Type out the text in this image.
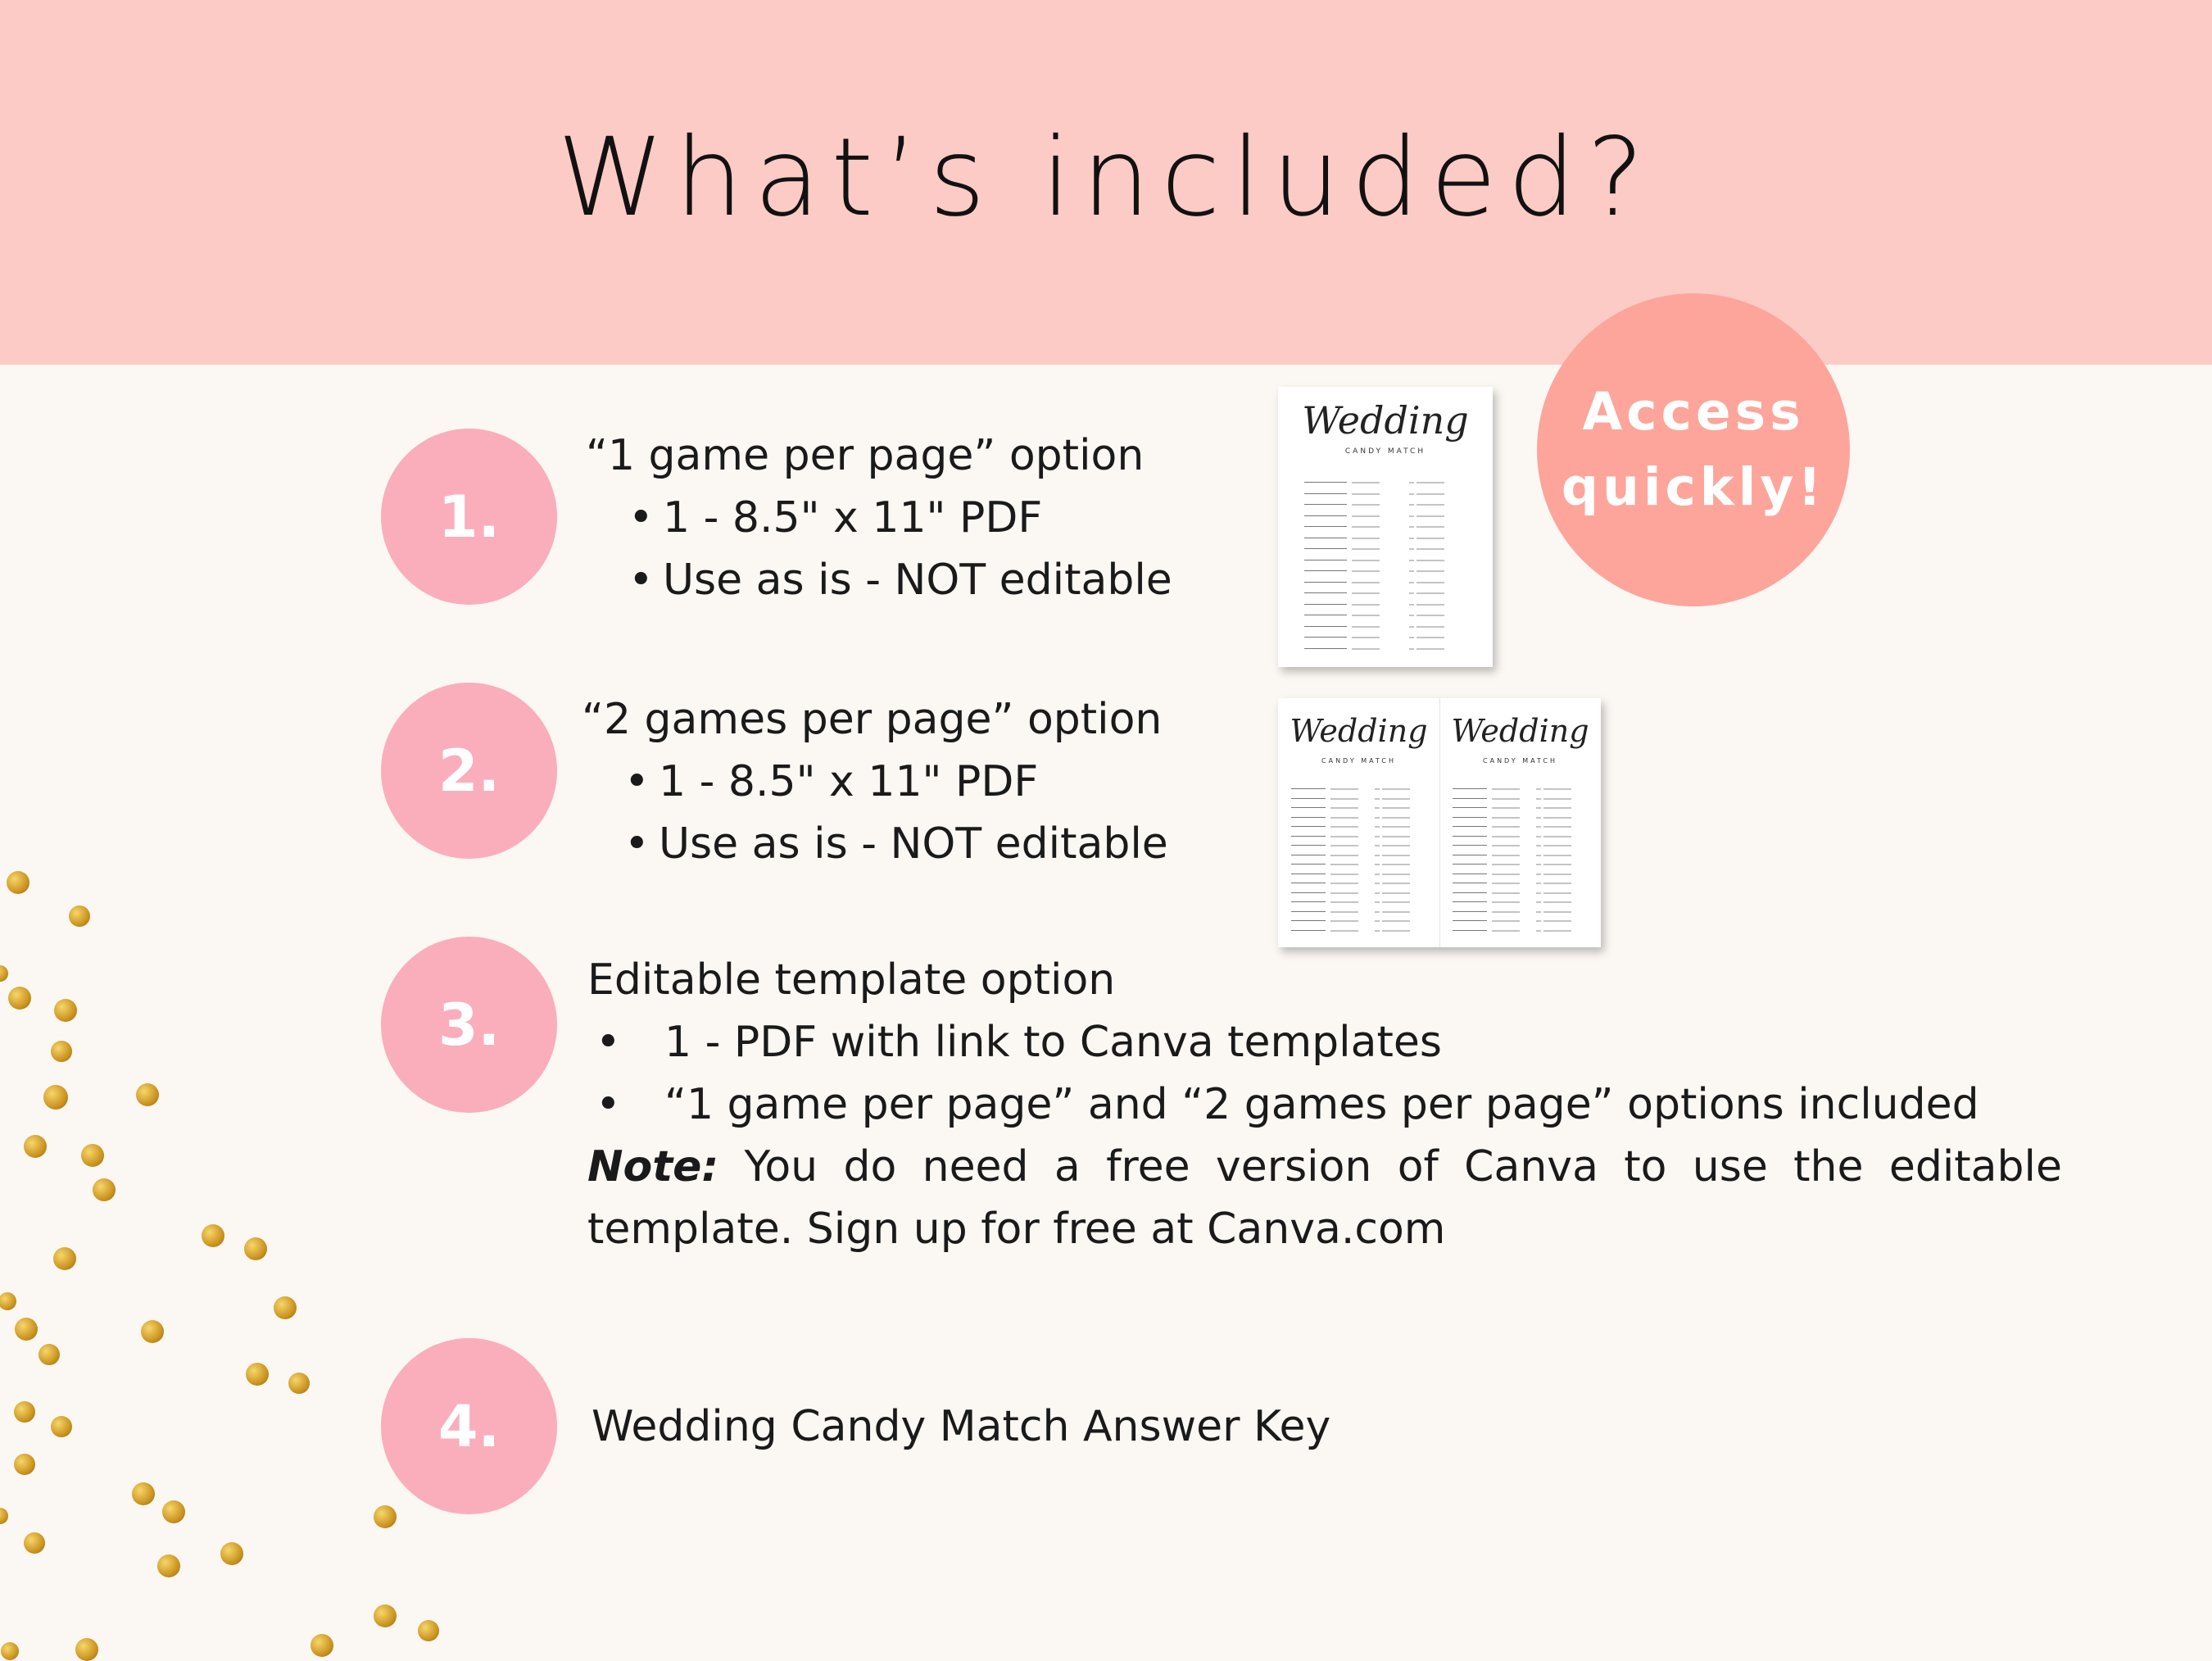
What’s included?
Access
quickly!
1.
“1 game per page” option
• 1 - 8.5" x 11" PDF
• Use as is - NOT editable
2.
“2 games per page” option
• 1 - 8.5" x 11" PDF
• Use as is - NOT editable
3.
Editable template option
• 1 - PDF with link to Canva templates
• “1 game per page” and “2 games per page” options included
Note: You do need a free version of Canva to use the editable template. Sign up for free at Canva.com
4. Wedding Candy Match Answer Key
Wedding
CANDY MATCH
Wedding
CANDY MATCH
Wedding
CANDY MATCH
